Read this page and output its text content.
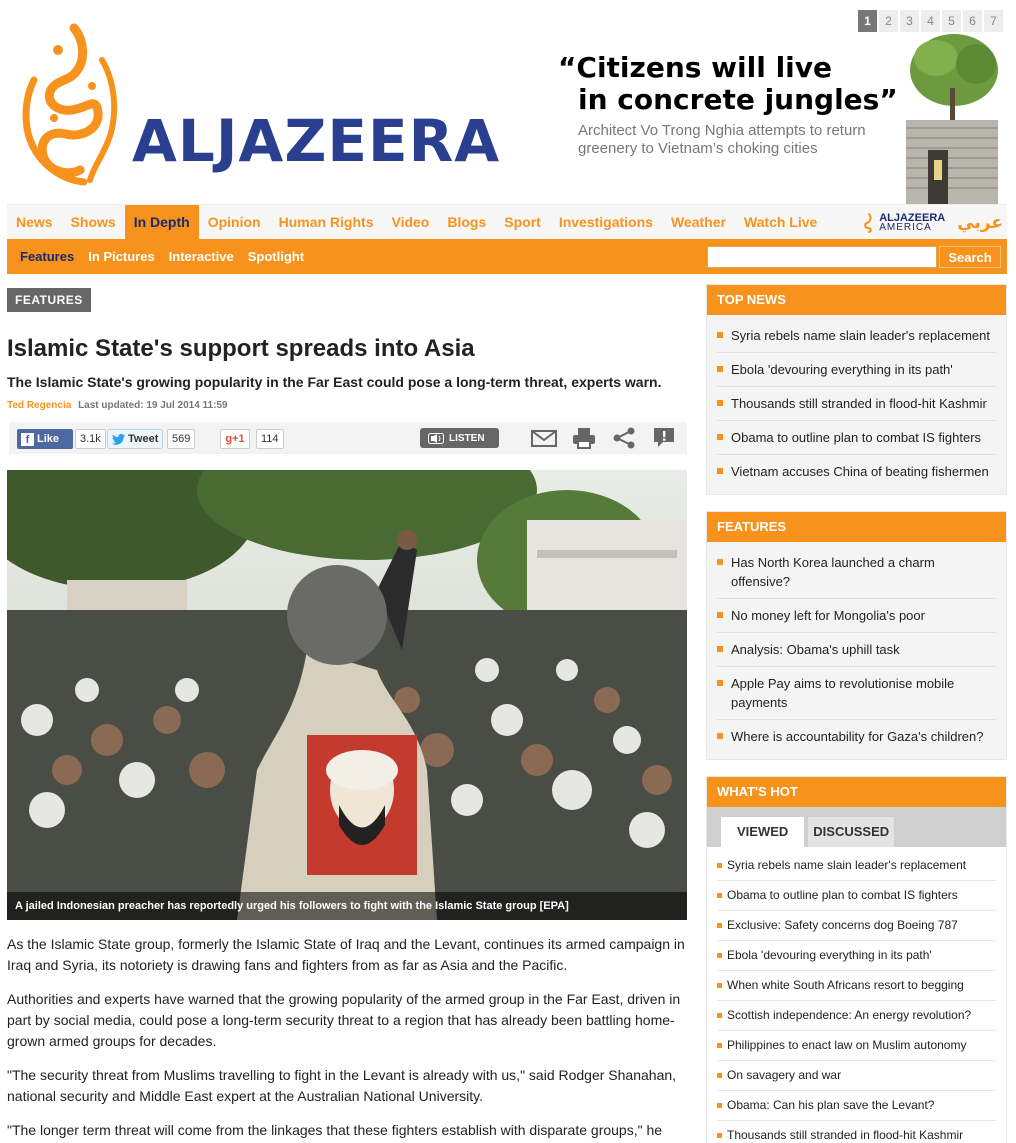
ALJAZEERA
1	2	3	4	5	6	7
“Citizens will live
in concrete jungles”
Architect Vo Trong Nghia attempts to return greenery to Vietnam’s choking cities
News	Shows	In Depth	Opinion	Human Rights	Video	Blogs	Sport	Investigations	Weather	Watch Live	ALJAZEERA
AMERICA	عربي
Features	In Pictures	Interactive	Spotlight	Search
FEATURES
Islamic State's support spreads into Asia
The Islamic State's growing popularity in the Far East could pose a long-term threat, experts warn.
Ted Regencia Last updated: 19 Jul 2014 11:59
f Like	3.1k	Tweet	569	g+1	114	LISTEN
A jailed Indonesian preacher has reportedly urged his followers to fight with the Islamic State group [EPA]

As the Islamic State group, formerly the Islamic State of Iraq and the Levant, continues its armed campaign in Iraq and Syria, its notoriety is drawing fans and fighters from as far as Asia and the Pacific.

Authorities and experts have warned that the growing popularity of the armed group in the Far East, driven in part by social media, could pose a long-term security threat to a region that has already been battling home-grown armed groups for decades.

"The security threat from Muslims travelling to fight in the Levant is already with us," said Rodger Shanahan, national security and Middle East expert at the Australian National University.

"The longer term threat will come from the linkages that these fighters establish with disparate groups," he

TOP NEWS
Syria rebels name slain leader's replacement
Ebola 'devouring everything in its path'
Thousands still stranded in flood-hit Kashmir
Obama to outline plan to combat IS fighters
Vietnam accuses China of beating fishermen
FEATURES
Has North Korea launched a charm offensive?
No money left for Mongolia's poor
Analysis: Obama's uphill task
Apple Pay aims to revolutionise mobile payments
Where is accountability for Gaza's children?
WHAT'S HOT
VIEWED	DISCUSSED
Syria rebels name slain leader's replacement
Obama to outline plan to combat IS fighters
Exclusive: Safety concerns dog Boeing 787
Ebola 'devouring everything in its path'
When white South Africans resort to begging
Scottish independence: An energy revolution?
Philippines to enact law on Muslim autonomy
On savagery and war
Obama: Can his plan save the Levant?
Thousands still stranded in flood-hit Kashmir
